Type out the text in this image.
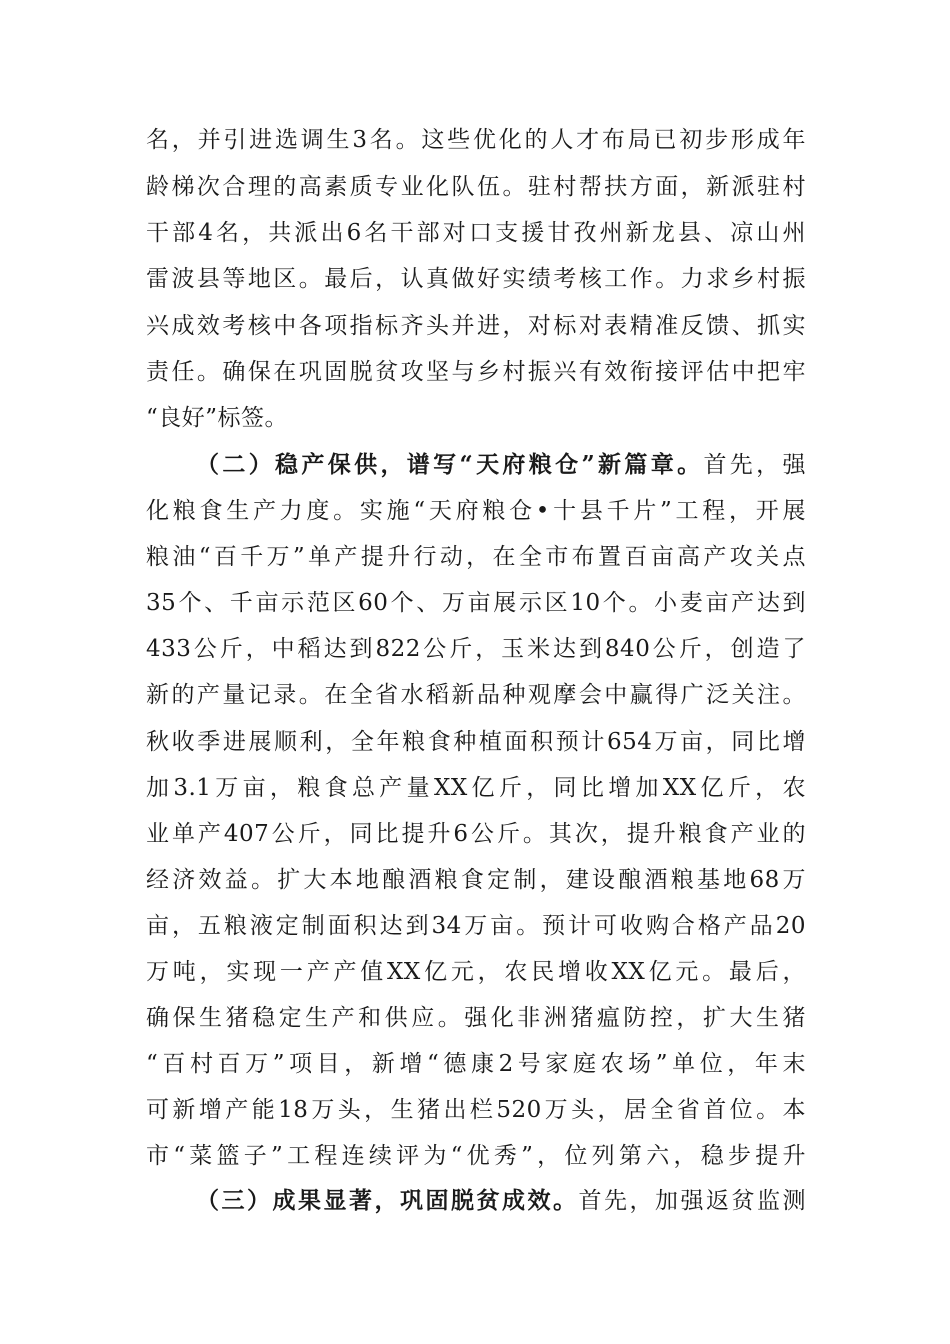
名，并引进选调生3名。这些优化的人才布局已初步形成年
龄梯次合理的高素质专业化队伍。驻村帮扶方面，新派驻村
干部4名，共派出6名干部对口支援甘孜州新龙县、凉山州
雷波县等地区。最后，认真做好实绩考核工作。力求乡村振
兴成效考核中各项指标齐头并进，对标对表精准反馈、抓实
责任。确保在巩固脱贫攻坚与乡村振兴有效衔接评估中把牢
“良好”标签。
（二）稳产保供，谱写“天府粮仓”新篇章。首先，强
化粮食生产力度。实施“天府粮仓•十县千片”工程，开展
粮油“百千万”单产提升行动，在全市布置百亩高产攻关点
35个、千亩示范区60个、万亩展示区10个。小麦亩产达到
433公斤，中稻达到822公斤，玉米达到840公斤，创造了
新的产量记录。在全省水稻新品种观摩会中赢得广泛关注。
秋收季进展顺利，全年粮食种植面积预计654万亩，同比增
加3.1万亩，粮食总产量XX亿斤，同比增加XX亿斤，农
业单产407公斤，同比提升6公斤。其次，提升粮食产业的
经济效益。扩大本地酿酒粮食定制，建设酿酒粮基地68万
亩，五粮液定制面积达到34万亩。预计可收购合格产品20
万吨，实现一产产值XX亿元，农民增收XX亿元。最后，
确保生猪稳定生产和供应。强化非洲猪瘟防控，扩大生猪
“百村百万”项目，新增“德康2号家庭农场”单位，年末
可新增产能18万头，生猪出栏520万头，居全省首位。本
市“菜篮子”工程连续评为“优秀”，位列第六，稳步提升
（三）成果显著，巩固脱贫成效。首先，加强返贫监测
